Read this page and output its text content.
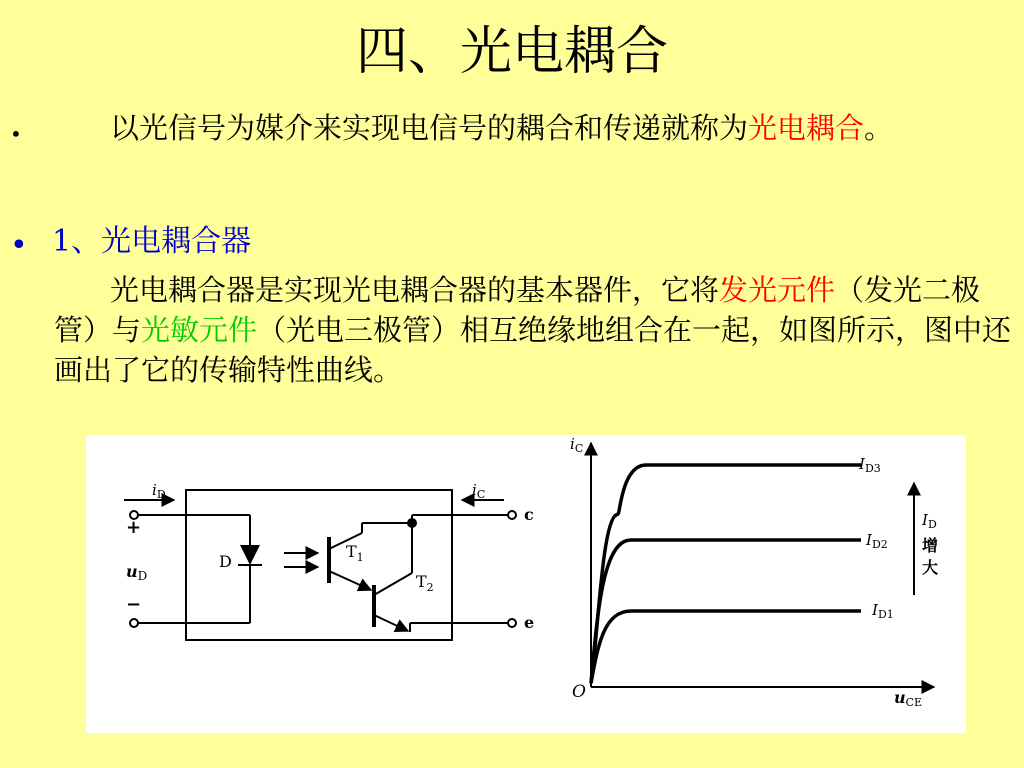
四、光电耦合
•	以光信号为媒介来实现电信号的耦合和传递就称为光电耦合。
• 1、光电耦合器
光电耦合器是实现光电耦合器的基本器件，它将发光元件（发光二极管）与光敏元件（光电三极管）相互绝缘地组合在一起，如图所示，图中还画出了它的传输特性曲线。
$i_D$	$i_C$
+
−
uD
D
$T_1$
$T_2$
c
e
$i_C$
uCE
O
$I_{D3}$
$I_{D2}$
$I_{D1}$
$I_D$
增
大
